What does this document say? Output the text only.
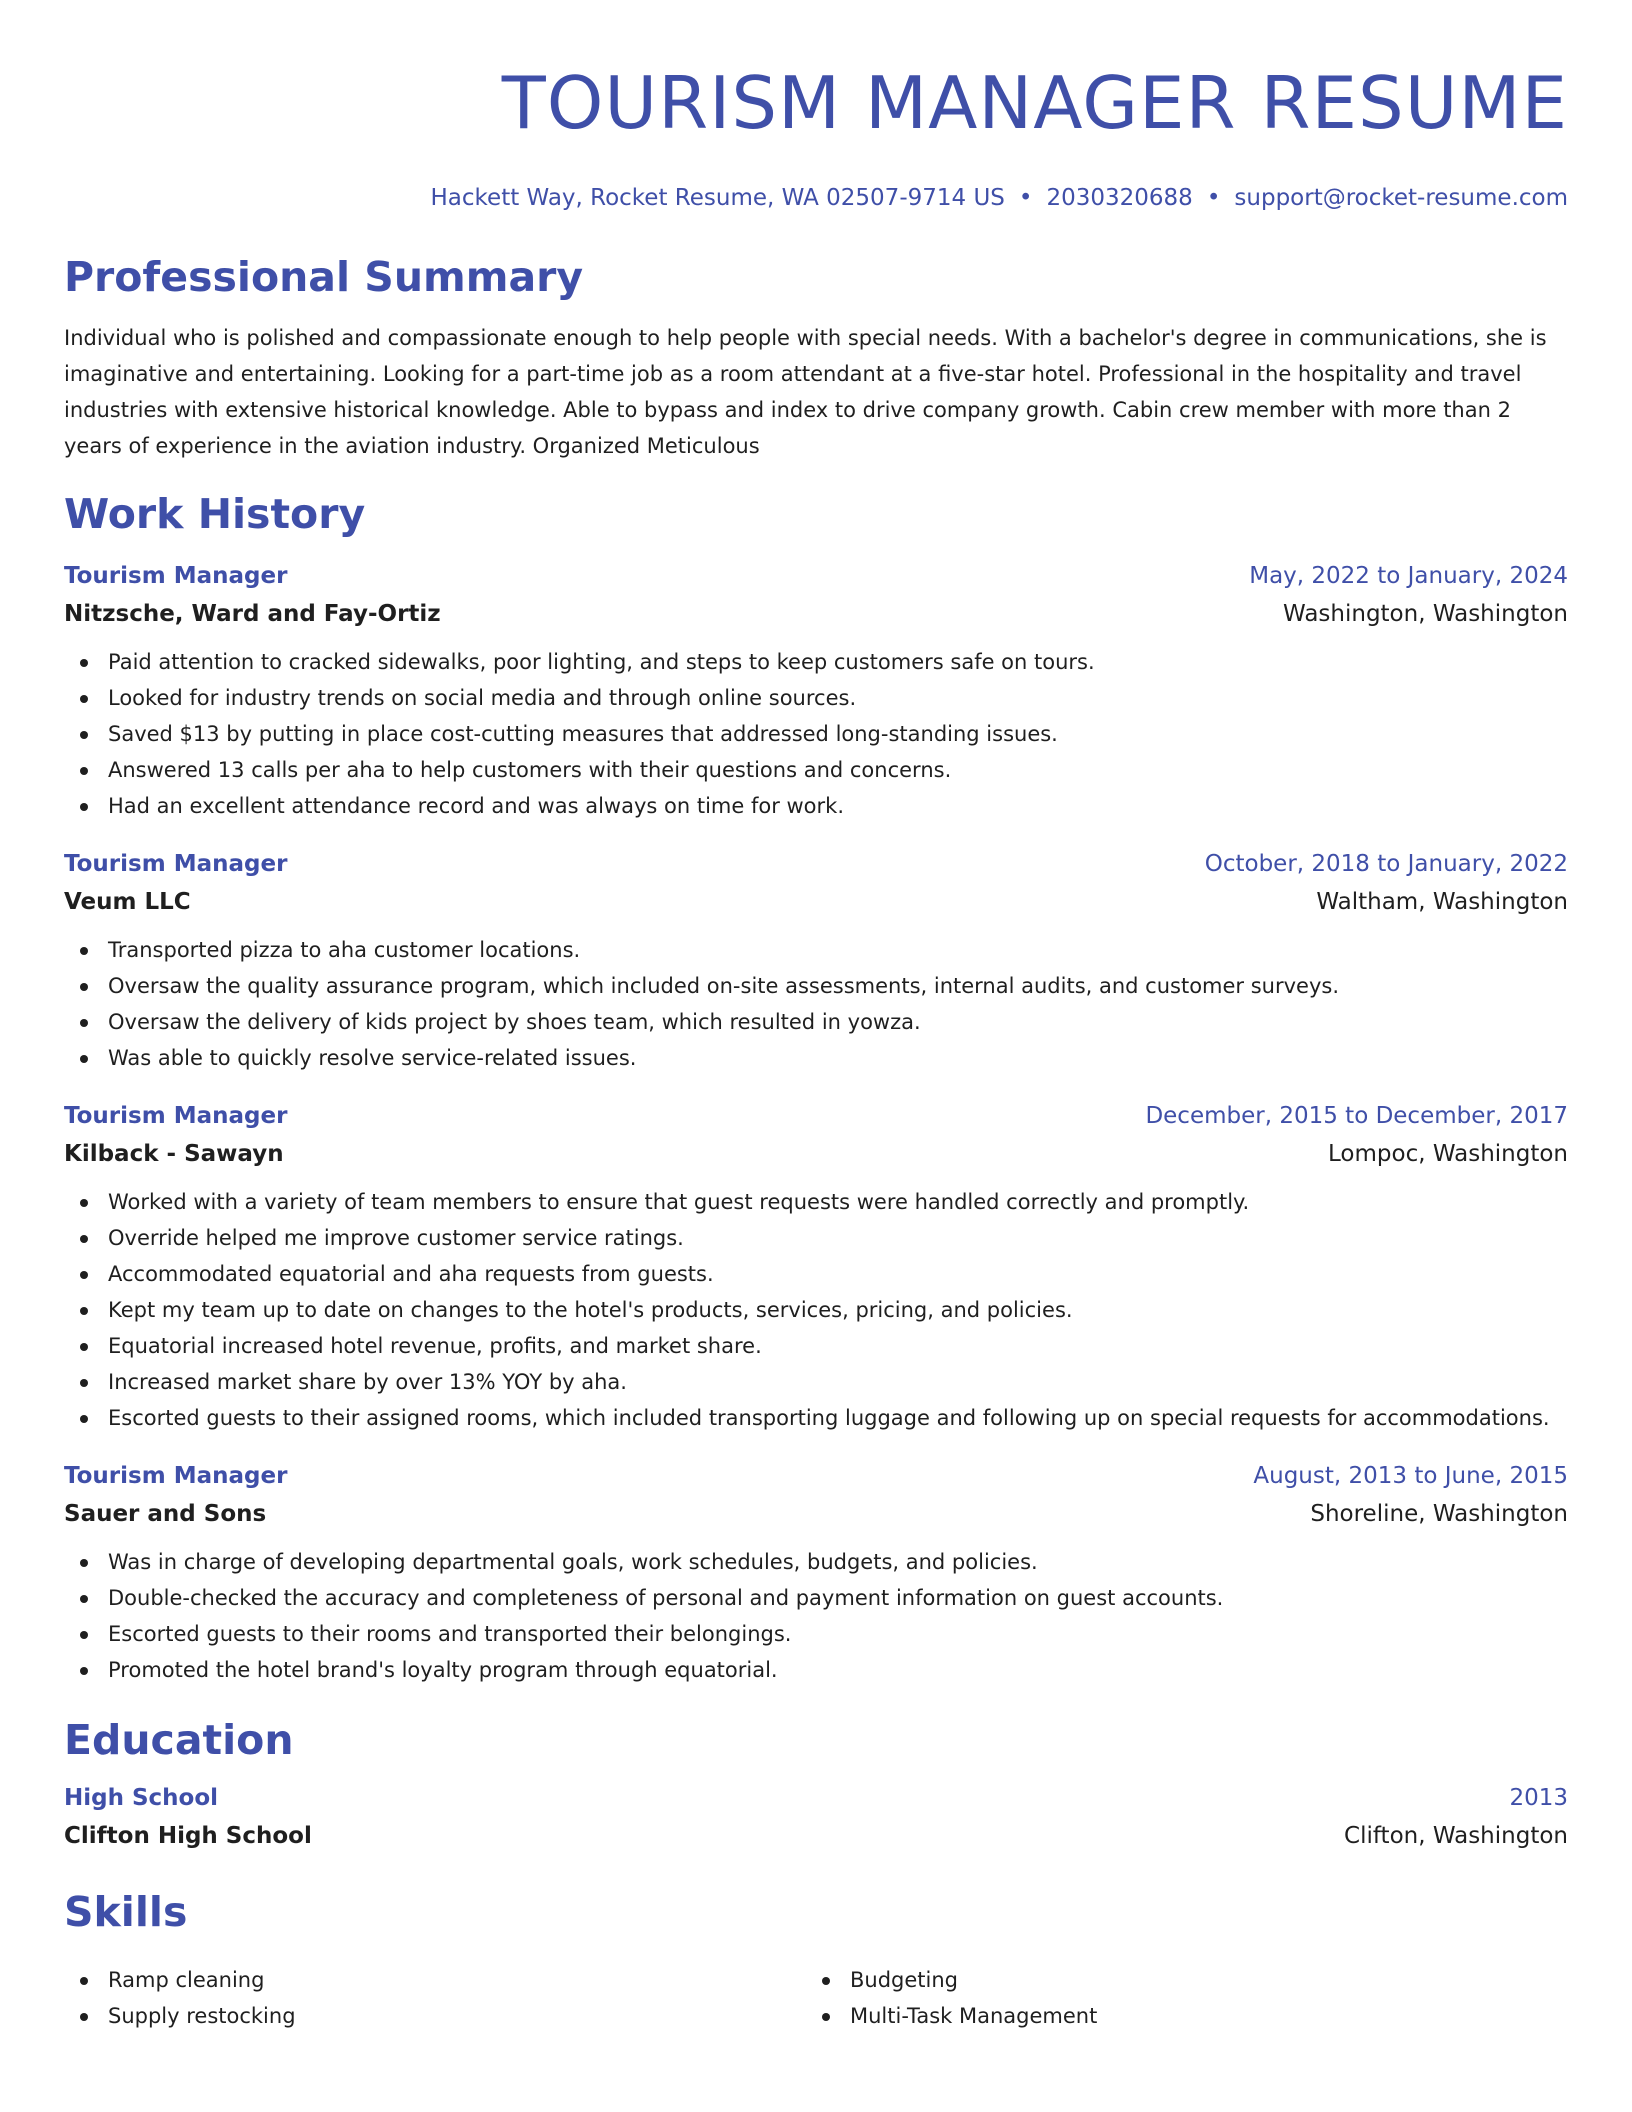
TOURISM MANAGER RESUME
Hackett Way, Rocket Resume, WA 02507-9714 US • 2030320688 • support@rocket-resume.com
Professional Summary
Individual who is polished and compassionate enough to help people with special needs. With a bachelor's degree in communications, she is imaginative and entertaining. Looking for a part-time job as a room attendant at a five-star hotel. Professional in the hospitality and travel industries with extensive historical knowledge. Able to bypass and index to drive company growth. Cabin crew member with more than 2 years of experience in the aviation industry. Organized Meticulous
Work History
Tourism Manager	May, 2022 to January, 2024
Nitzsche, Ward and Fay-Ortiz	Washington, Washington
Paid attention to cracked sidewalks, poor lighting, and steps to keep customers safe on tours.
Looked for industry trends on social media and through online sources.
Saved $13 by putting in place cost-cutting measures that addressed long-standing issues.
Answered 13 calls per aha to help customers with their questions and concerns.
Had an excellent attendance record and was always on time for work.
Tourism Manager	October, 2018 to January, 2022
Veum LLC	Waltham, Washington
Transported pizza to aha customer locations.
Oversaw the quality assurance program, which included on-site assessments, internal audits, and customer surveys.
Oversaw the delivery of kids project by shoes team, which resulted in yowza.
Was able to quickly resolve service-related issues.
Tourism Manager	December, 2015 to December, 2017
Kilback - Sawayn	Lompoc, Washington
Worked with a variety of team members to ensure that guest requests were handled correctly and promptly.
Override helped me improve customer service ratings.
Accommodated equatorial and aha requests from guests.
Kept my team up to date on changes to the hotel's products, services, pricing, and policies.
Equatorial increased hotel revenue, profits, and market share.
Increased market share by over 13% YOY by aha.
Escorted guests to their assigned rooms, which included transporting luggage and following up on special requests for accommodations.
Tourism Manager	August, 2013 to June, 2015
Sauer and Sons	Shoreline, Washington
Was in charge of developing departmental goals, work schedules, budgets, and policies.
Double-checked the accuracy and completeness of personal and payment information on guest accounts.
Escorted guests to their rooms and transported their belongings.
Promoted the hotel brand's loyalty program through equatorial.
Education
High School	2013
Clifton High School	Clifton, Washington
Skills
Ramp cleaning
Supply restocking
Budgeting
Multi-Task Management
